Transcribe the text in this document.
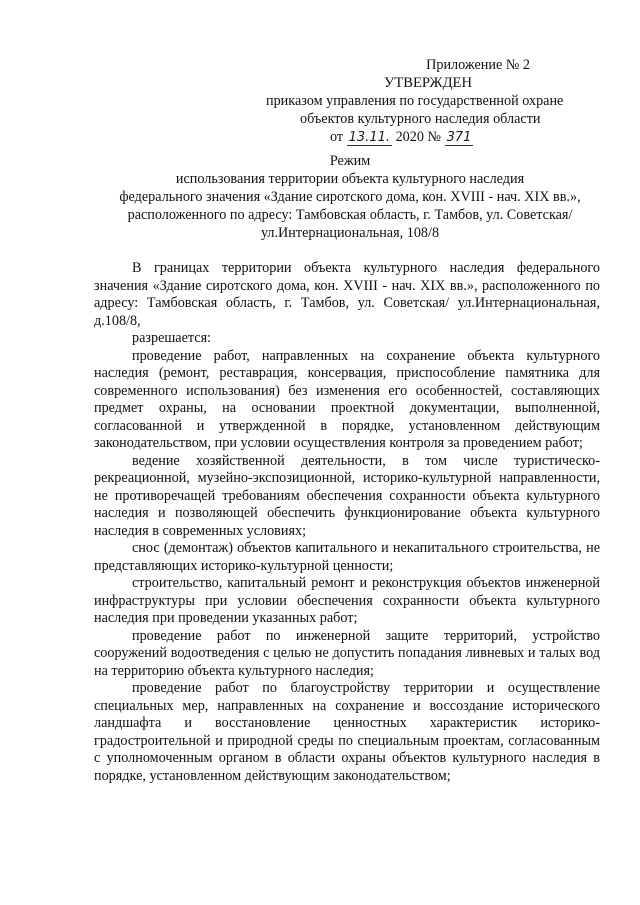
Приложение № 2
УТВЕРЖДЕН
приказом управления по государственной охране
объектов культурного наследия области
от 13.11. 2020 № 371
Режим
использования территории объекта культурного наследия
федерального значения «Здание сиротского дома, кон. XVIII - нач. XIX вв.»,
расположенного по адресу: Тамбовская область, г. Тамбов, ул. Советская/
ул.Интернациональная, 108/8

В границах территории объекта культурного наследия федерального значения «Здание сиротского дома, кон. XVIII - нач. XIX вв.», расположенного по адресу: Тамбовская область, г. Тамбов, ул. Советская/ ул.Интернациональная, д.108/8,

разрешается:

проведение работ, направленных на сохранение объекта культурного наследия (ремонт, реставрация, консервация, приспособление памятника для современного использования) без изменения его особенностей, составляющих предмет охраны, на основании проектной документации, выполненной, согласованной и утвержденной в порядке, установленном действующим законодательством, при условии осуществления контроля за проведением работ;

ведение хозяйственной деятельности, в том числе туристическо-рекреационной, музейно-экспозиционной, историко-культурной направленности, не противоречащей требованиям обеспечения сохранности объекта культурного наследия и позволяющей обеспечить функционирование объекта культурного наследия в современных условиях;

снос (демонтаж) объектов капитального и некапитального строительства, не представляющих историко-культурной ценности;

строительство, капитальный ремонт и реконструкция объектов инженерной инфраструктуры при условии обеспечения сохранности объекта культурного наследия при проведении указанных работ;

проведение работ по инженерной защите территорий, устройство сооружений водоотведения с целью не допустить попадания ливневых и талых вод на территорию объекта культурного наследия;

проведение работ по благоустройству территории и осуществление специальных мер, направленных на сохранение и воссоздание исторического ландшафта и восстановление ценностных характеристик историко-градостроительной и природной среды по специальным проектам, согласованным с уполномоченным органом в области охраны объектов культурного наследия в порядке, установленном действующим законодательством;
